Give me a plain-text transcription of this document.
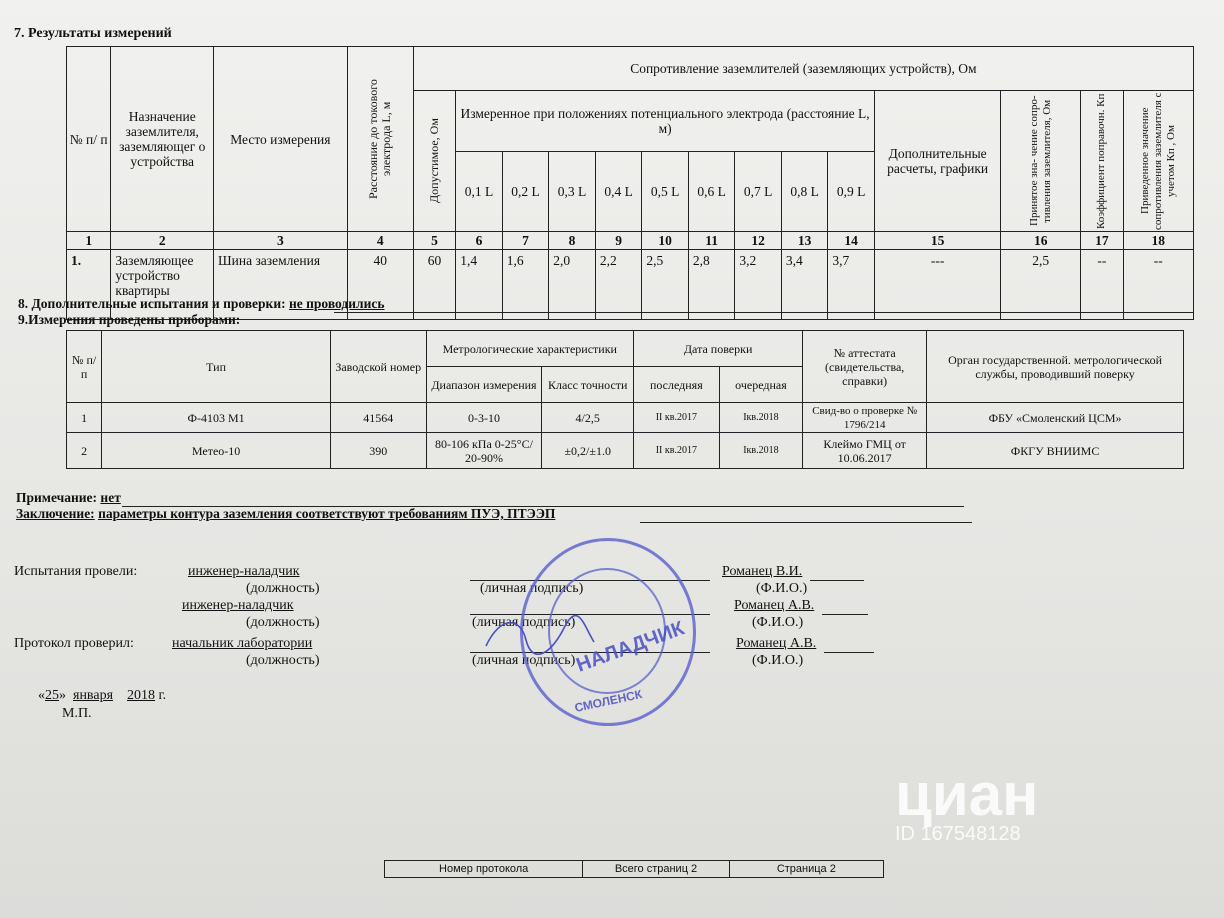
7. Результаты измерений
№ п/ п	Назначение заземлителя, заземляющег о устройства	Место измерения	Расстояние до токового электрода L, м	Сопротивление заземлителей (заземляющих устройств), Ом													

				Допустимое, Ом	Измеренное при положениях потенциального электрода (расстояние L, м)									Дополнительные расчеты, графики	Принятое зна- чение сопро- тивления заземлителя, Ом	Коэффициент поправочн. Кп	Приведенное значение сопротивления заземлителя с учетом Кп , Ом

					0,1 L	0,2 L	0,3 L	0,4 L	0,5 L	0,6 L	0,7 L	0,8 L	0,9 L				
1	2	3	4	5	6	7	8	9	10	11	12	13	14	15	16	17	18
1.	Заземляющее устройство квартиры	Шина заземления	40	60	1,4	1,6	2,0	2,2	2,5	2,8	3,2	3,4	3,7	---	2,5	--	--
8. Дополнительные испытания и проверки: не проводились
9.Измерения проведены приборами:
№ п/п	Тип	Заводской номер	Метрологические характеристики		Дата поверки		№ аттестата (свидетельства, справки)	Орган государственной. метрологической службы, проводивший поверку
			Диапазон измерения	Класс точности	последняя	очередная		
1	Ф-4103 М1	41564	0-3-10	4/2,5	II кв.2017	Iкв.2018	Свид-во о проверке № 1796/214	ФБУ «Смоленский ЦСМ»
2	Метео-10	390	80-106 кПа 0-25°С/ 20-90%	±0,2/±1.0	II кв.2017	Iкв.2018	Клеймо ГМЦ от 10.06.2017	ФКГУ ВНИИМС
Примечание: нет
Заключение: параметры контура заземления соответствуют требованиям ПУЭ, ПТЭЭП
Испытания провели:	инженер-наладчик	Романец В.И.
(должность)	(личная подпись)	(Ф.И.О.)
инженер-наладчик	Романец А.В.
(должность)	(личная подпись)	(Ф.И.О.)
Протокол проверил:	начальник лаборатории	Романец А.В.
(должность)	(личная подпись)	(Ф.И.О.)
«25» января 2018 г.
М.П.
НАЛАДЧИК
СМОЛЕНСК
циан
ID 167548128
Номер протокола	Всего страниц 2	Страница 2
